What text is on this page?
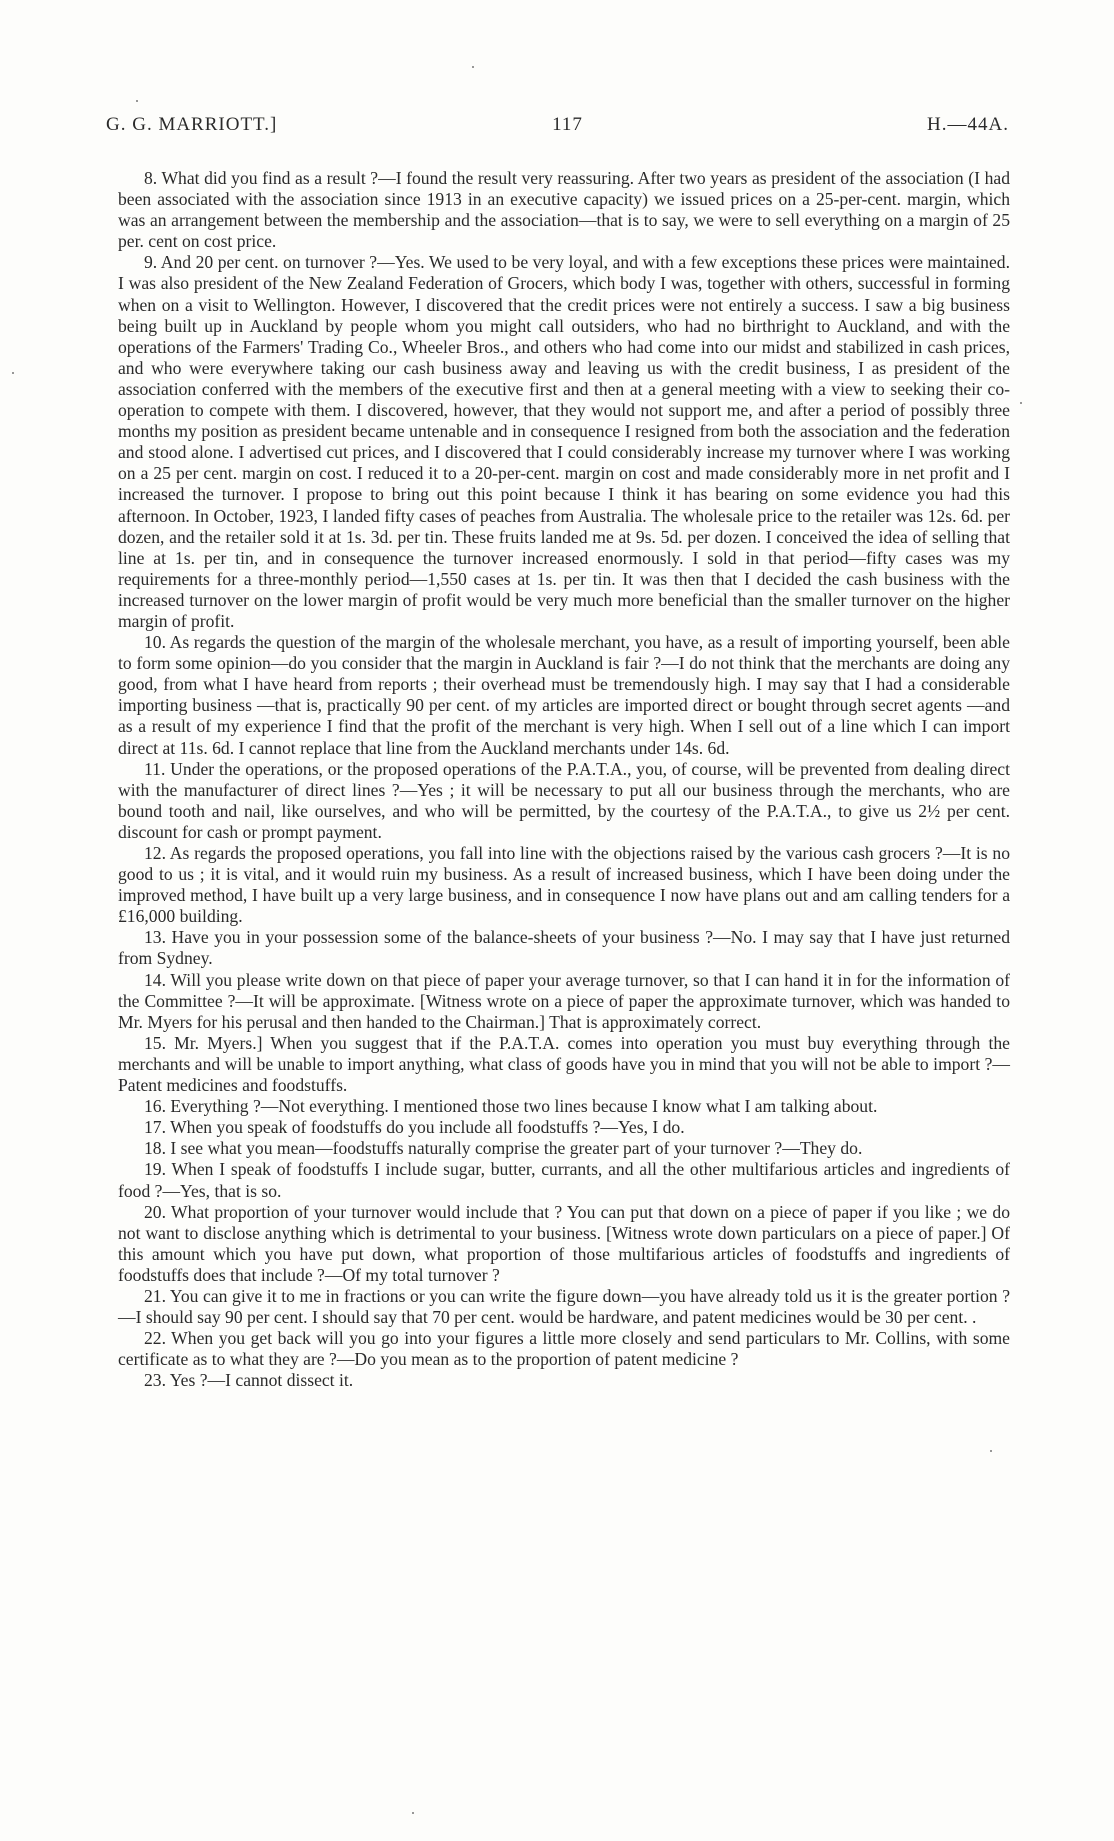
G. G. MARRIOTT.]	117	H.—44A.

8. What did you find as a result ?—I found the result very reassuring. After two years as president of the association (I had been associated with the association since 1913 in an executive capacity) we issued prices on a 25-per-cent. margin, which was an arrangement between the membership and the association—that is to say, we were to sell everything on a margin of 25 per. cent on cost price.

9. And 20 per cent. on turnover ?—Yes. We used to be very loyal, and with a few exceptions these prices were maintained. I was also president of the New Zealand Federation of Grocers, which body I was, together with others, successful in forming when on a visit to Wellington. However, I discovered that the credit prices were not entirely a success. I saw a big business being built up in Auckland by people whom you might call outsiders, who had no birthright to Auckland, and with the operations of the Farmers' Trading Co., Wheeler Bros., and others who had come into our midst and stabilized in cash prices, and who were everywhere taking our cash business away and leaving us with the credit business, I as president of the association conferred with the members of the executive first and then at a general meeting with a view to seeking their co-operation to compete with them. I discovered, however, that they would not support me, and after a period of possibly three months my position as president became untenable and in consequence I resigned from both the association and the federation and stood alone. I advertised cut prices, and I discovered that I could considerably increase my turnover where I was working on a 25 per cent. margin on cost. I reduced it to a 20-per-cent. margin on cost and made considerably more in net profit and I increased the turnover. I propose to bring out this point because I think it has bearing on some evidence you had this afternoon. In October, 1923, I landed fifty cases of peaches from Australia. The wholesale price to the retailer was 12s. 6d. per dozen, and the retailer sold it at 1s. 3d. per tin. These fruits landed me at 9s. 5d. per dozen. I conceived the idea of selling that line at 1s. per tin, and in consequence the turnover increased enormously. I sold in that period—fifty cases was my requirements for a three-monthly period—1,550 cases at 1s. per tin. It was then that I decided the cash business with the increased turnover on the lower margin of profit would be very much more beneficial than the smaller turnover on the higher margin of profit.

10. As regards the question of the margin of the wholesale merchant, you have, as a result of importing yourself, been able to form some opinion—do you consider that the margin in Auckland is fair ?—I do not think that the merchants are doing any good, from what I have heard from reports ; their overhead must be tremendously high. I may say that I had a considerable importing business —that is, practically 90 per cent. of my articles are imported direct or bought through secret agents —and as a result of my experience I find that the profit of the merchant is very high. When I sell out of a line which I can import direct at 11s. 6d. I cannot replace that line from the Auckland merchants under 14s. 6d.

11. Under the operations, or the proposed operations of the P.A.T.A., you, of course, will be prevented from dealing direct with the manufacturer of direct lines ?—Yes ; it will be necessary to put all our business through the merchants, who are bound tooth and nail, like ourselves, and who will be permitted, by the courtesy of the P.A.T.A., to give us 2½ per cent. discount for cash or prompt payment.

12. As regards the proposed operations, you fall into line with the objections raised by the various cash grocers ?—It is no good to us ; it is vital, and it would ruin my business. As a result of increased business, which I have been doing under the improved method, I have built up a very large business, and in consequence I now have plans out and am calling tenders for a £16,000 building.

13. Have you in your possession some of the balance-sheets of your business ?—No. I may say that I have just returned from Sydney.

14. Will you please write down on that piece of paper your average turnover, so that I can hand it in for the information of the Committee ?—It will be approximate. [Witness wrote on a piece of paper the approximate turnover, which was handed to Mr. Myers for his perusal and then handed to the Chairman.] That is approximately correct.

15. Mr. Myers.] When you suggest that if the P.A.T.A. comes into operation you must buy everything through the merchants and will be unable to import anything, what class of goods have you in mind that you will not be able to import ?—Patent medicines and foodstuffs.

16. Everything ?—Not everything. I mentioned those two lines because I know what I am talking about.

17. When you speak of foodstuffs do you include all foodstuffs ?—Yes, I do.

18. I see what you mean—foodstuffs naturally comprise the greater part of your turnover ?—They do.

19. When I speak of foodstuffs I include sugar, butter, currants, and all the other multifarious articles and ingredients of food ?—Yes, that is so.

20. What proportion of your turnover would include that ? You can put that down on a piece of paper if you like ; we do not want to disclose anything which is detrimental to your business. [Witness wrote down particulars on a piece of paper.] Of this amount which you have put down, what proportion of those multifarious articles of foodstuffs and ingredients of foodstuffs does that include ?—Of my total turnover ?

21. You can give it to me in fractions or you can write the figure down—you have already told us it is the greater portion ?—I should say 90 per cent. I should say that 70 per cent. would be hardware, and patent medicines would be 30 per cent. .

22. When you get back will you go into your figures a little more closely and send particulars to Mr. Collins, with some certificate as to what they are ?—Do you mean as to the proportion of patent medicine ?

23. Yes ?—I cannot dissect it.
